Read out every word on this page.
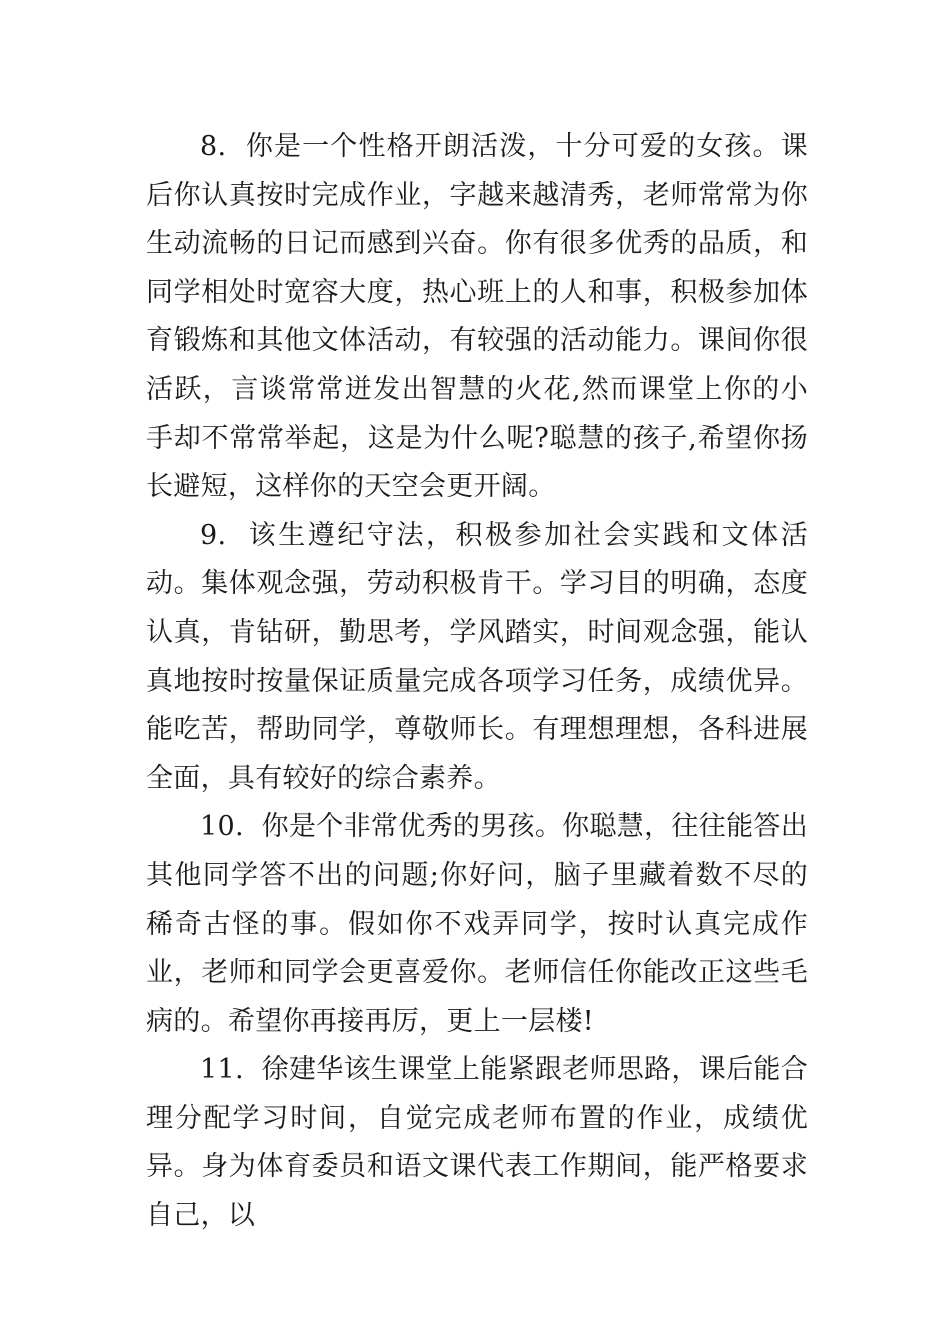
8. 你是一个性格开朗活泼，十分可爱的女孩。课后你认真按时完成作业，字越来越清秀，老师常常为你生动流畅的日记而感到兴奋。你有很多优秀的品质，和同学相处时宽容大度，热心班上的人和事，积极参加体育锻炼和其他文体活动，有较强的活动能力。课间你很活跃，言谈常常迸发出智慧的火花,然而课堂上你的小手却不常常举起，这是为什么呢?聪慧的孩子,希望你扬长避短，这样你的天空会更开阔。

9. 该生遵纪守法，积极参加社会实践和文体活动。集体观念强，劳动积极肯干。学习目的明确，态度认真，肯钻研，勤思考，学风踏实，时间观念强，能认真地按时按量保证质量完成各项学习任务，成绩优异。能吃苦，帮助同学，尊敬师长。有理想理想，各科进展全面，具有较好的综合素养。

10. 你是个非常优秀的男孩。你聪慧，往往能答出其他同学答不出的问题;你好问，脑子里藏着数不尽的稀奇古怪的事。假如你不戏弄同学，按时认真完成作业，老师和同学会更喜爱你。老师信任你能改正这些毛病的。希望你再接再厉，更上一层楼!

11. 徐建华该生课堂上能紧跟老师思路，课后能合理分配学习时间，自觉完成老师布置的作业，成绩优异。身为体育委员和语文课代表工作期间，能严格要求自己，以
